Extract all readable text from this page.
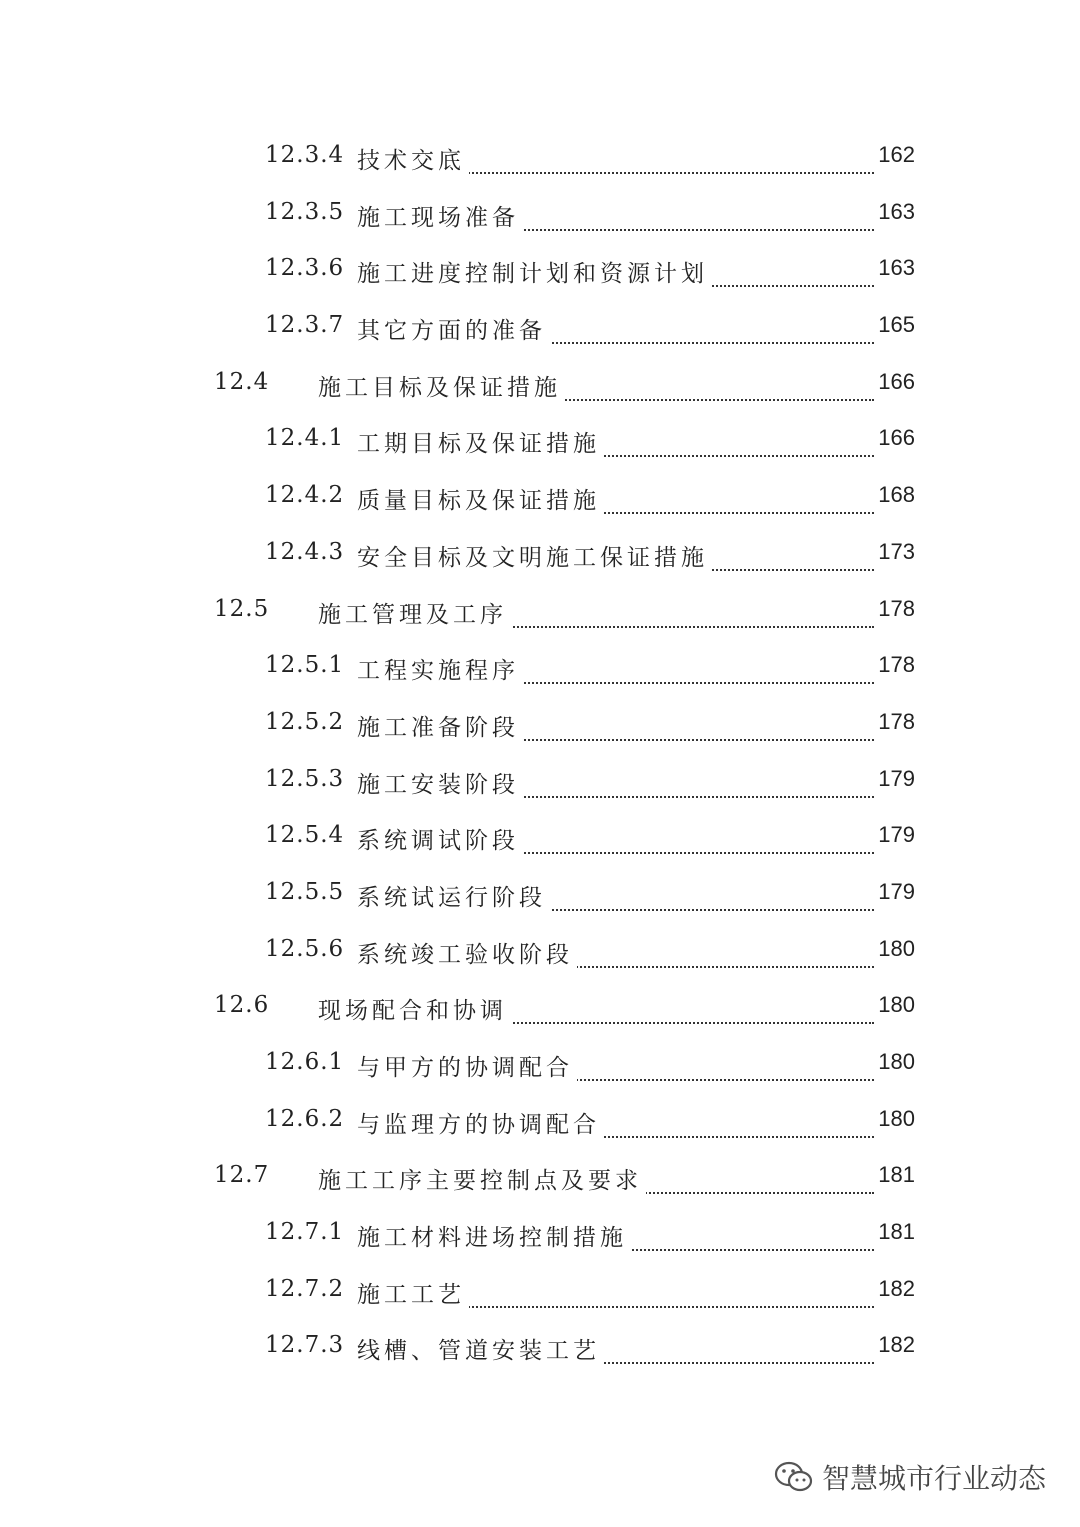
12.3.4 技术交底	162
12.3.5 施工现场准备	163
12.3.6 施工进度控制计划和资源计划	163
12.3.7 其它方面的准备	165
12.4 施工目标及保证措施	166
12.4.1 工期目标及保证措施	166
12.4.2 质量目标及保证措施	168
12.4.3 安全目标及文明施工保证措施	173
12.5 施工管理及工序	178
12.5.1 工程实施程序	178
12.5.2 施工准备阶段	178
12.5.3 施工安装阶段	179
12.5.4 系统调试阶段	179
12.5.5 系统试运行阶段	179
12.5.6 系统竣工验收阶段	180
12.6 现场配合和协调	180
12.6.1 与甲方的协调配合	180
12.6.2 与监理方的协调配合	180
12.7 施工工序主要控制点及要求	181
12.7.1 施工材料进场控制措施	181
12.7.2 施工工艺	182
12.7.3 线槽、管道安装工艺	182
智慧城市行业动态
